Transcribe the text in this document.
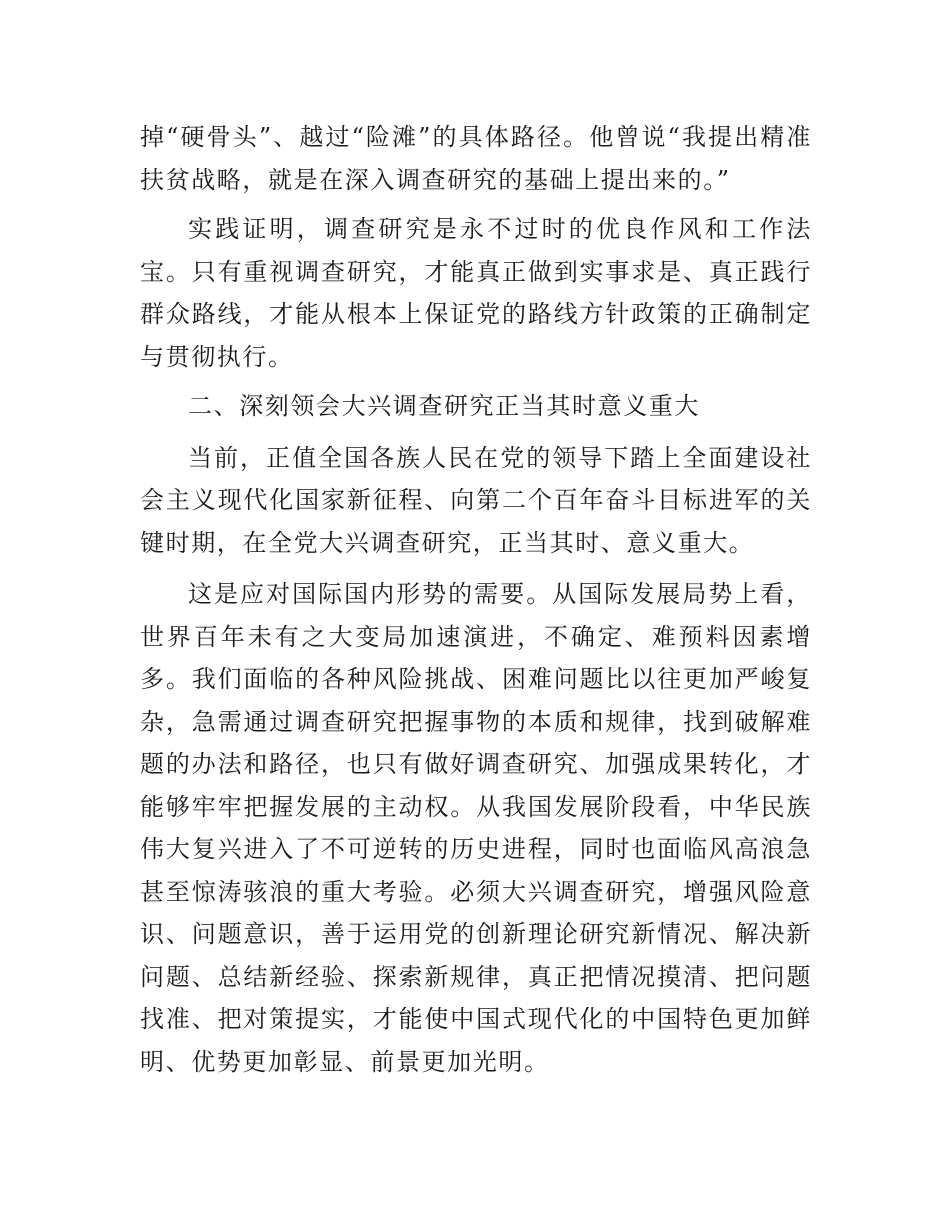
掉“硬骨头”、越过“险滩”的具体路径。他曾说“我提出精准扶贫战略，就是在深入调查研究的基础上提出来的。”

实践证明，调查研究是永不过时的优良作风和工作法宝。只有重视调查研究，才能真正做到实事求是、真正践行群众路线，才能从根本上保证党的路线方针政策的正确制定与贯彻执行。

二、深刻领会大兴调查研究正当其时意义重大

当前，正值全国各族人民在党的领导下踏上全面建设社会主义现代化国家新征程、向第二个百年奋斗目标进军的关键时期，在全党大兴调查研究，正当其时、意义重大。

这是应对国际国内形势的需要。从国际发展局势上看，世界百年未有之大变局加速演进，不确定、难预料因素增多。我们面临的各种风险挑战、困难问题比以往更加严峻复杂，急需通过调查研究把握事物的本质和规律，找到破解难题的办法和路径，也只有做好调查研究、加强成果转化，才能够牢牢把握发展的主动权。从我国发展阶段看，中华民族伟大复兴进入了不可逆转的历史进程，同时也面临风高浪急甚至惊涛骇浪的重大考验。必须大兴调查研究，增强风险意识、问题意识，善于运用党的创新理论研究新情况、解决新问题、总结新经验、探索新规律，真正把情况摸清、把问题找准、把对策提实，才能使中国式现代化的中国特色更加鲜明、优势更加彰显、前景更加光明。
